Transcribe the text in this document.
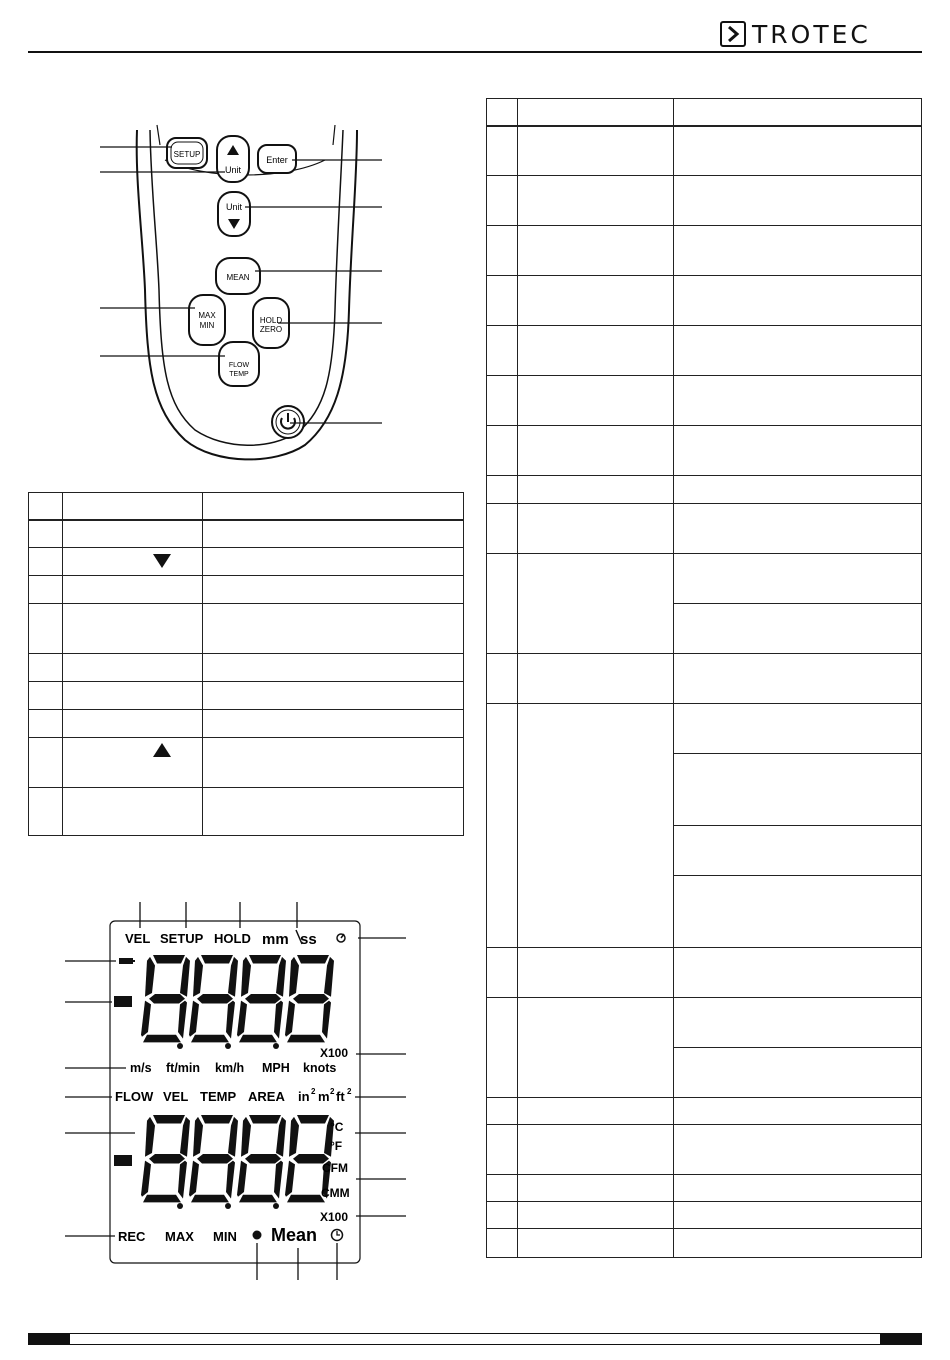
TROTEC
SETUP
Unit
Enter
Unit
MEAN
MAX
MIN
HOLD
ZERO
FLOW
TEMP

VEL SETUP HOLD mm ss
X100
m/s ft/min km/h MPH knots
FLOW VEL TEMP AREA in 2 m 2 ft 2
°C
°F
CFM
CMM
X100
REC MAX MIN Mean
